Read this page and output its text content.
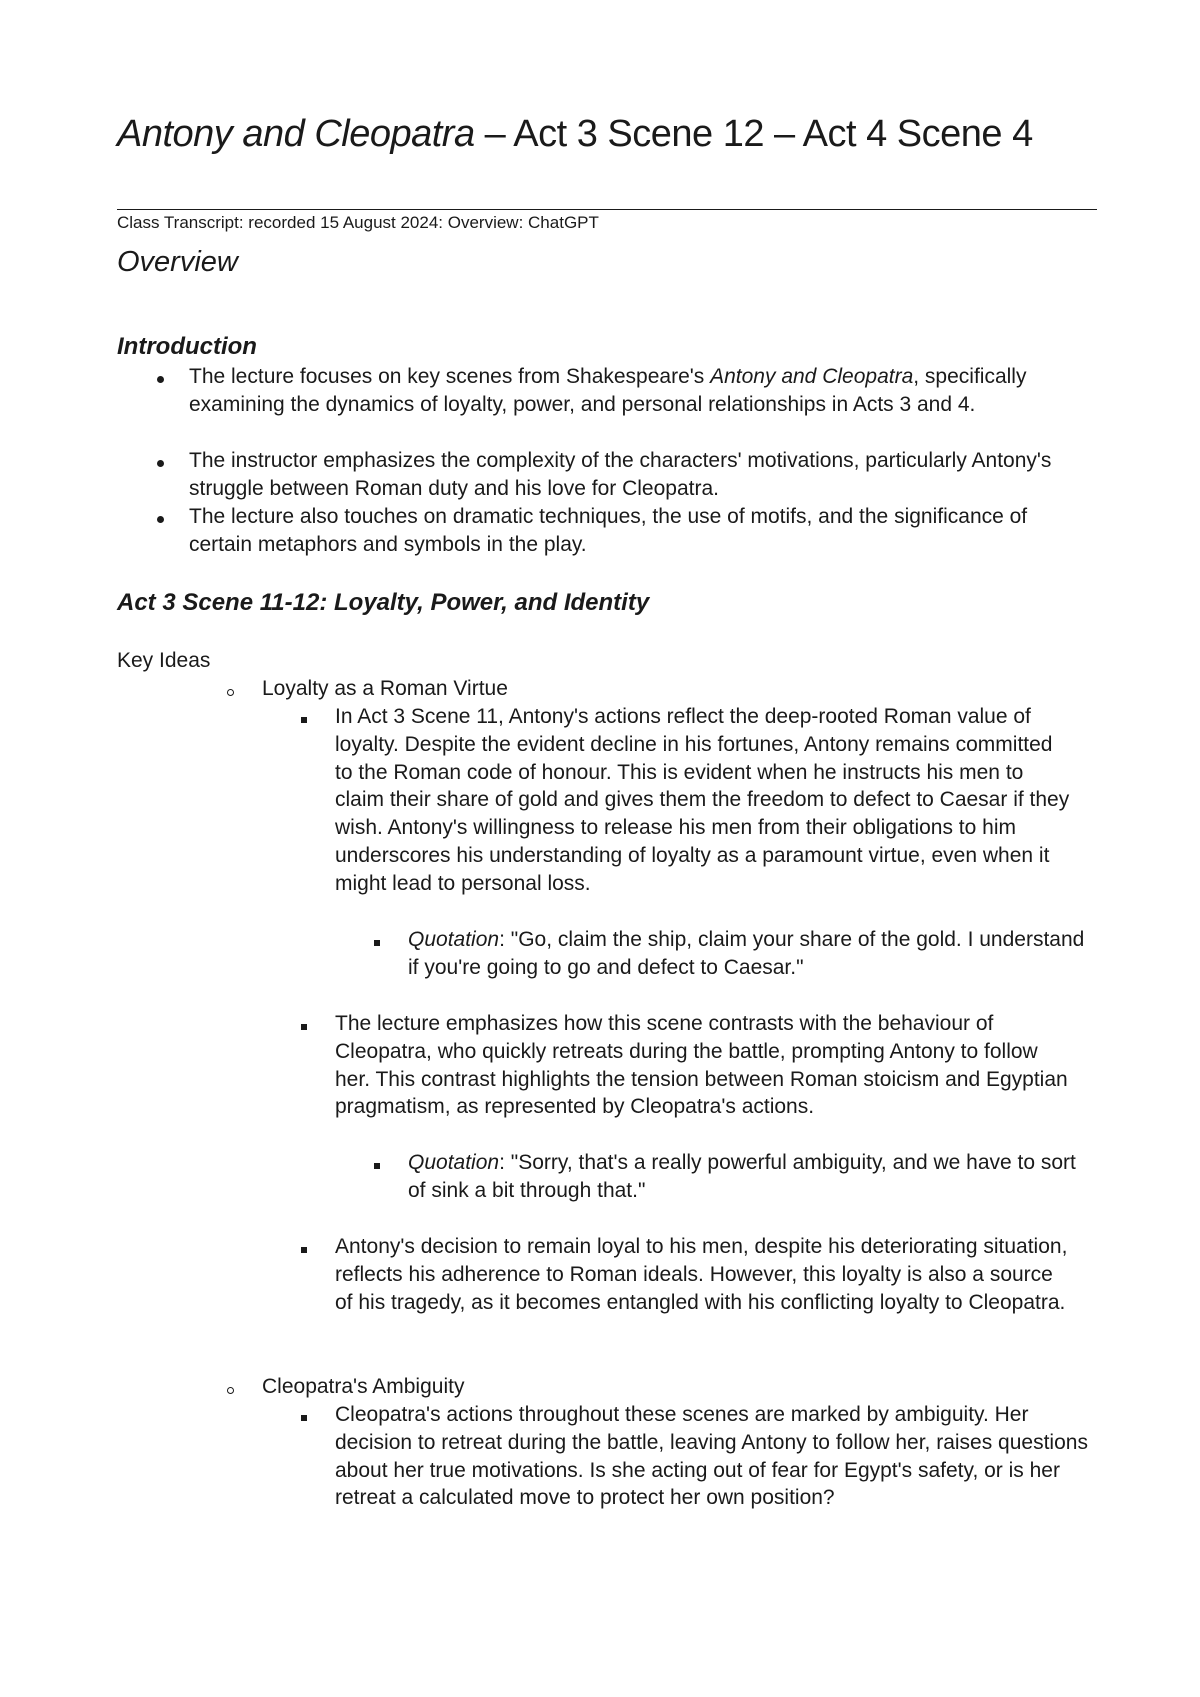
Antony and Cleopatra – Act 3 Scene 12 – Act 4 Scene 4
Class Transcript: recorded 15 August 2024: Overview: ChatGPT
Overview
Introduction
The lecture focuses on key scenes from Shakespeare's Antony and Cleopatra, specifically examining the dynamics of loyalty, power, and personal relationships in Acts 3 and 4.
The instructor emphasizes the complexity of the characters' motivations, particularly Antony's struggle between Roman duty and his love for Cleopatra.
The lecture also touches on dramatic techniques, the use of motifs, and the significance of certain metaphors and symbols in the play.
Act 3 Scene 11-12: Loyalty, Power, and Identity
Key Ideas
Loyalty as a Roman Virtue
In Act 3 Scene 11, Antony's actions reflect the deep-rooted Roman value of loyalty. Despite the evident decline in his fortunes, Antony remains committed to the Roman code of honour. This is evident when he instructs his men to claim their share of gold and gives them the freedom to defect to Caesar if they wish. Antony's willingness to release his men from their obligations to him underscores his understanding of loyalty as a paramount virtue, even when it might lead to personal loss.
Quotation: "Go, claim the ship, claim your share of the gold. I understand if you're going to go and defect to Caesar."
The lecture emphasizes how this scene contrasts with the behaviour of Cleopatra, who quickly retreats during the battle, prompting Antony to follow her. This contrast highlights the tension between Roman stoicism and Egyptian pragmatism, as represented by Cleopatra's actions.
Quotation: "Sorry, that's a really powerful ambiguity, and we have to sort of sink a bit through that."
Antony's decision to remain loyal to his men, despite his deteriorating situation, reflects his adherence to Roman ideals. However, this loyalty is also a source of his tragedy, as it becomes entangled with his conflicting loyalty to Cleopatra.
Cleopatra's Ambiguity
Cleopatra's actions throughout these scenes are marked by ambiguity. Her decision to retreat during the battle, leaving Antony to follow her, raises questions about her true motivations. Is she acting out of fear for Egypt's safety, or is her retreat a calculated move to protect her own position?
